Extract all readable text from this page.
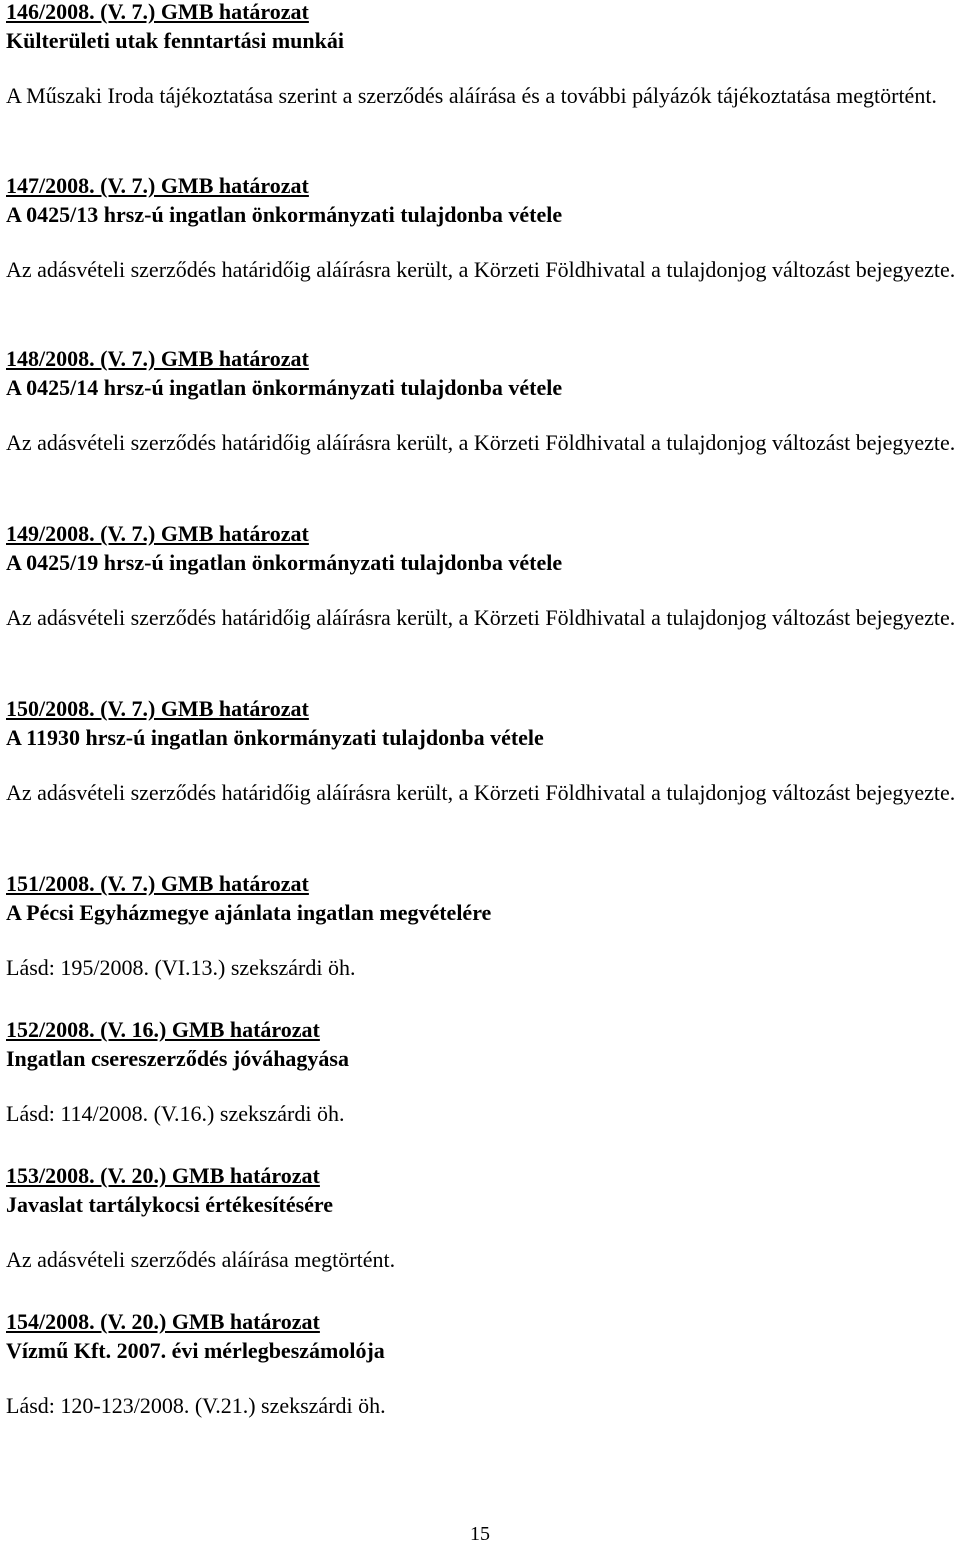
146/2008. (V. 7.) GMB határozat
Külterületi utak fenntartási munkái
A Műszaki Iroda tájékoztatása szerint a szerződés aláírása és a további pályázók tájékoztatása megtörtént.
147/2008. (V. 7.) GMB határozat
A 0425/13 hrsz-ú ingatlan önkormányzati tulajdonba vétele
Az adásvételi szerződés határidőig aláírásra került, a Körzeti Földhivatal a tulajdonjog változást bejegyezte.
148/2008. (V. 7.) GMB határozat
A 0425/14 hrsz-ú ingatlan önkormányzati tulajdonba vétele
Az adásvételi szerződés határidőig aláírásra került, a Körzeti Földhivatal a tulajdonjog változást bejegyezte.
149/2008. (V. 7.) GMB határozat
A 0425/19 hrsz-ú ingatlan önkormányzati tulajdonba vétele
Az adásvételi szerződés határidőig aláírásra került, a Körzeti Földhivatal a tulajdonjog változást bejegyezte.
150/2008. (V. 7.) GMB határozat
A 11930 hrsz-ú ingatlan önkormányzati tulajdonba vétele
Az adásvételi szerződés határidőig aláírásra került, a Körzeti Földhivatal a tulajdonjog változást bejegyezte.
151/2008. (V. 7.) GMB határozat
A Pécsi Egyházmegye ajánlata ingatlan megvételére
Lásd: 195/2008. (VI.13.) szekszárdi öh.
152/2008. (V. 16.) GMB határozat
Ingatlan csereszerződés jóváhagyása
Lásd: 114/2008. (V.16.) szekszárdi öh.
153/2008. (V. 20.) GMB határozat
Javaslat tartálykocsi értékesítésére
Az adásvételi szerződés aláírása megtörtént.
154/2008. (V. 20.) GMB határozat
Vízmű Kft. 2007. évi mérlegbeszámolója
Lásd: 120-123/2008. (V.21.) szekszárdi öh.
15
